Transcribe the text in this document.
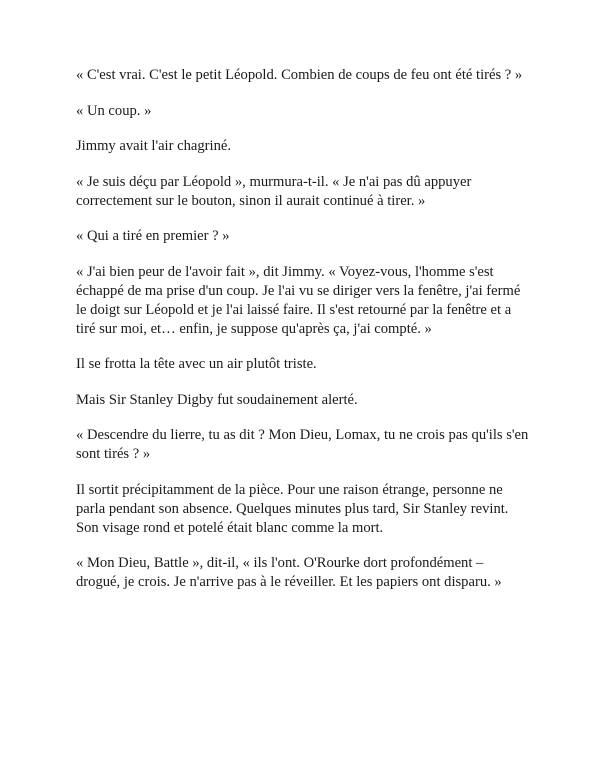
« C'est vrai. C'est le petit Léopold. Combien de coups de feu ont été tirés ? »

« Un coup. »

Jimmy avait l'air chagriné.

« Je suis déçu par Léopold », murmura-t-il. « Je n'ai pas dû appuyer correctement sur le bouton, sinon il aurait continué à tirer. »

« Qui a tiré en premier ? »

« J'ai bien peur de l'avoir fait », dit Jimmy. « Voyez-vous, l'homme s'est échappé de ma prise d'un coup. Je l'ai vu se diriger vers la fenêtre, j'ai fermé le doigt sur Léopold et je l'ai laissé faire. Il s'est retourné par la fenêtre et a tiré sur moi, et… enfin, je suppose qu'après ça, j'ai compté. »

Il se frotta la tête avec un air plutôt triste.

Mais Sir Stanley Digby fut soudainement alerté.

« Descendre du lierre, tu as dit ? Mon Dieu, Lomax, tu ne crois pas qu'ils s'en sont tirés ? »

Il sortit précipitamment de la pièce. Pour une raison étrange, personne ne parla pendant son absence. Quelques minutes plus tard, Sir Stanley revint. Son visage rond et potelé était blanc comme la mort.

« Mon Dieu, Battle », dit-il, « ils l'ont. O'Rourke dort profondément – drogué, je crois. Je n'arrive pas à le réveiller. Et les papiers ont disparu. »
